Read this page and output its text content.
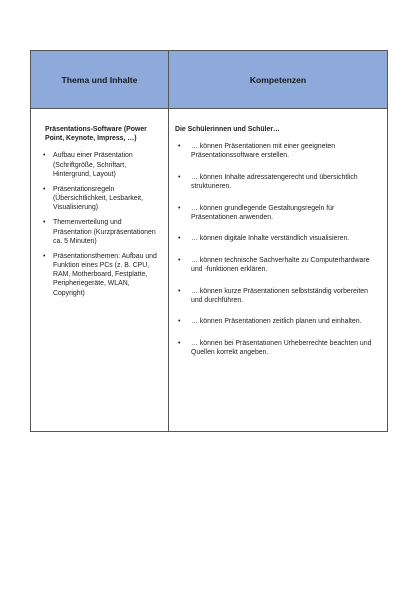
Thema und Inhalte	Kompetenzen

Präsentations-Software (Power Point, Keynote, Impress, …)

• Aufbau einer Präsentation (Schriftgröße, Schriftart, Hintergrund, Layout)
• Präsentationsregeln (Übersichtlichkeit, Lesbarkeit, Visualisierung)
• Themenverteilung und Präsentation (Kurzpräsentationen ca. 5 Minuten)
• Präsentationsthemen: Aufbau und Funktion eines PCs (z. B. CPU, RAM, Motherboard, Festplatte, Peripheriegeräte, WLAN, Copyright)

Die Schülerinnen und Schüler…

• … können Präsentationen mit einer geeigneten Präsentationssoftware erstellen.
• … können Inhalte adressatengerecht und übersichtlich strukturieren.
• … können grundlegende Gestaltungsregeln für Präsentationen anwenden.
• … können digitale Inhalte verständlich visualisieren.
• … können technische Sachverhalte zu Computerhardware und -funktionen erklären.
• … können kurze Präsentationen selbstständig vorbereiten und durchführen.
• … können Präsentationen zeitlich planen und einhalten.
• … können bei Präsentationen Urheberrechte beachten und Quellen korrekt angeben.
